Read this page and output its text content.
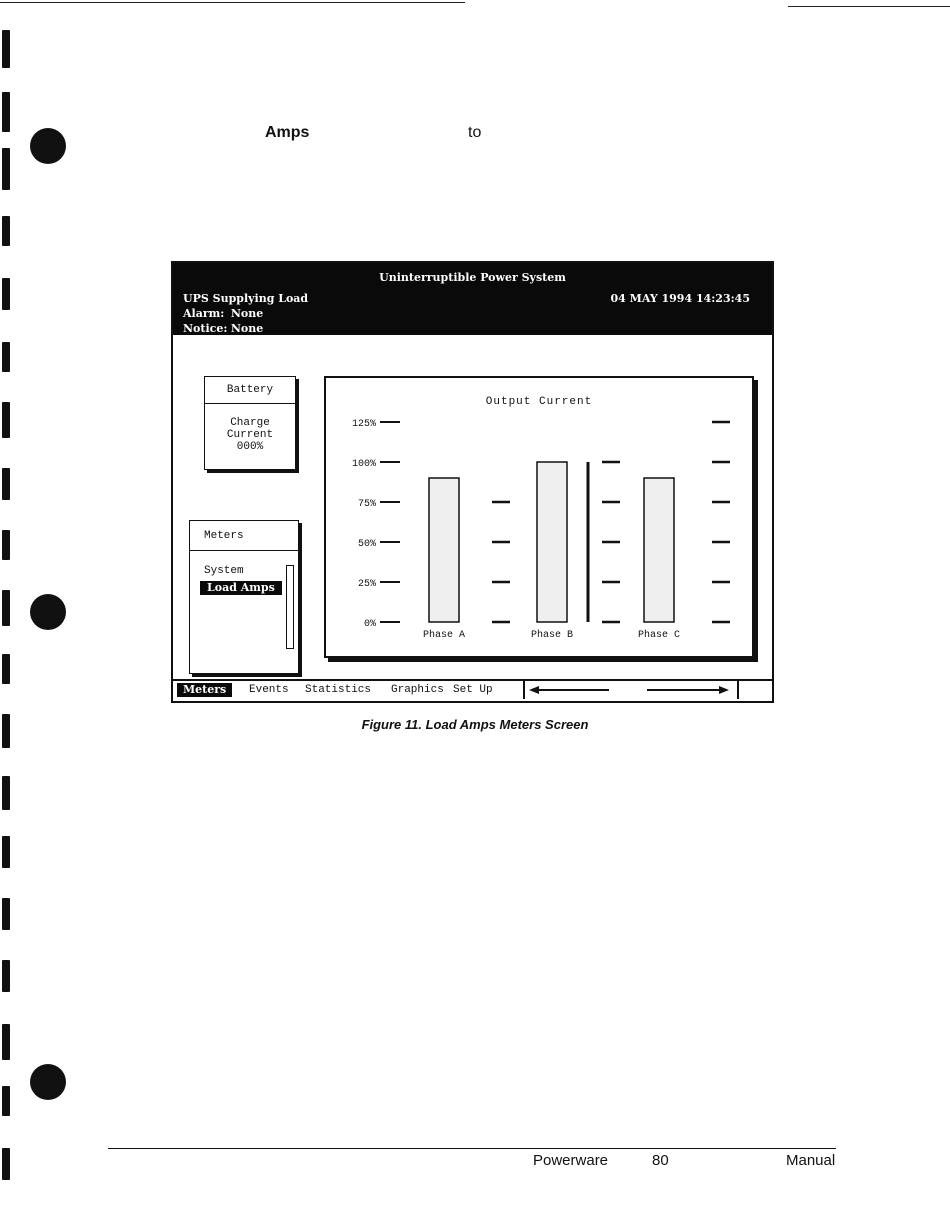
Amps	to
Uninterruptible Power System
UPS Supplying Load	04 MAY 1994 14:23:45
Alarm: None
Notice: None
Battery
Charge
Current
000%
Meters
System
Load Amps
Output Current
0%
25%
50%
75%
100%
125%
Phase A	Phase B	Phase C
Meters	Events Statistics Graphics Set Up
Figure 11. Load Amps Meters Screen
Powerware	80	Manual
